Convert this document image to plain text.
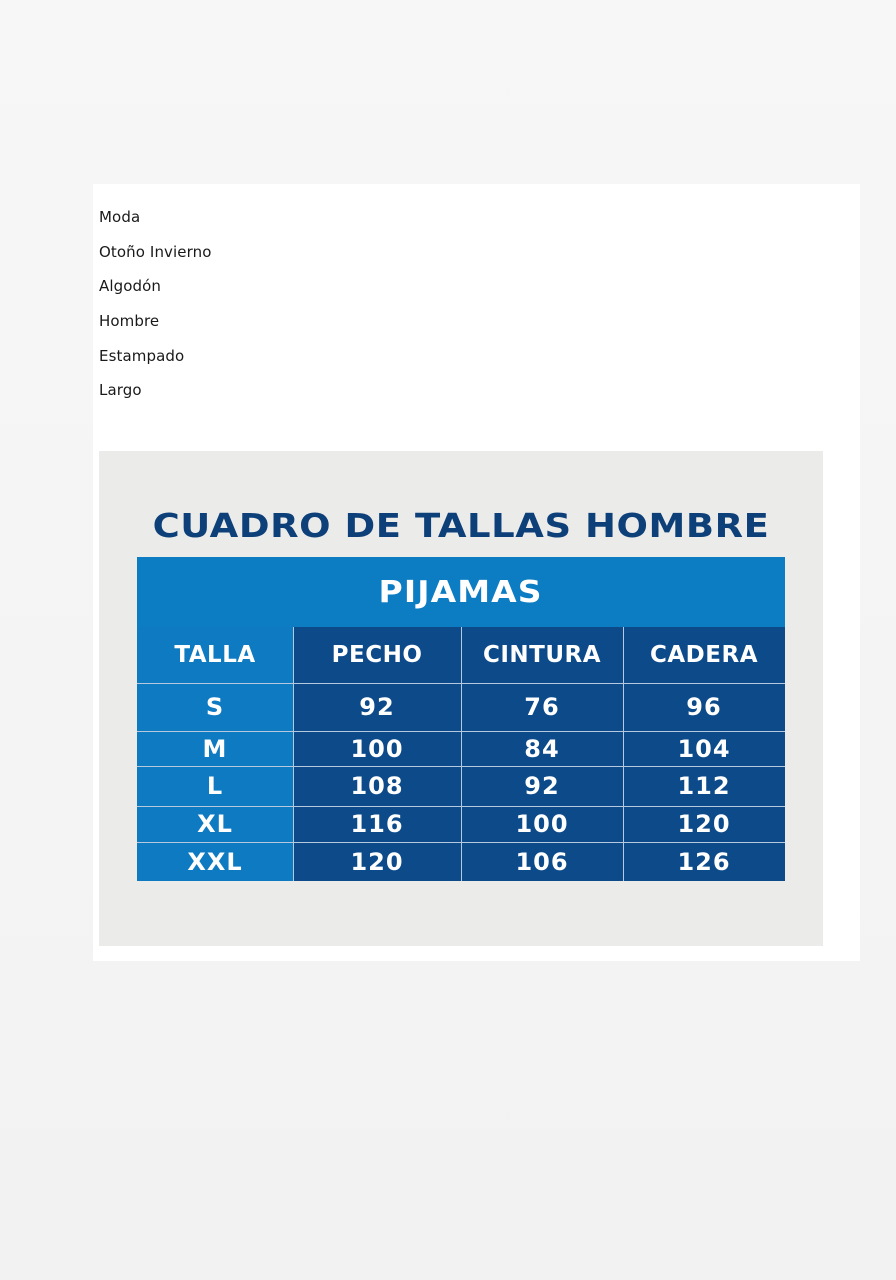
Moda
Otoño Invierno
Algodón
Hombre
Estampado
Largo
CUADRO DE TALLAS HOMBRE
PIJAMAS
TALLA	PECHO	CINTURA	CADERA
S	92	76	96
M	100	84	104
L	108	92	112
XL	116	100	120
XXL	120	106	126
